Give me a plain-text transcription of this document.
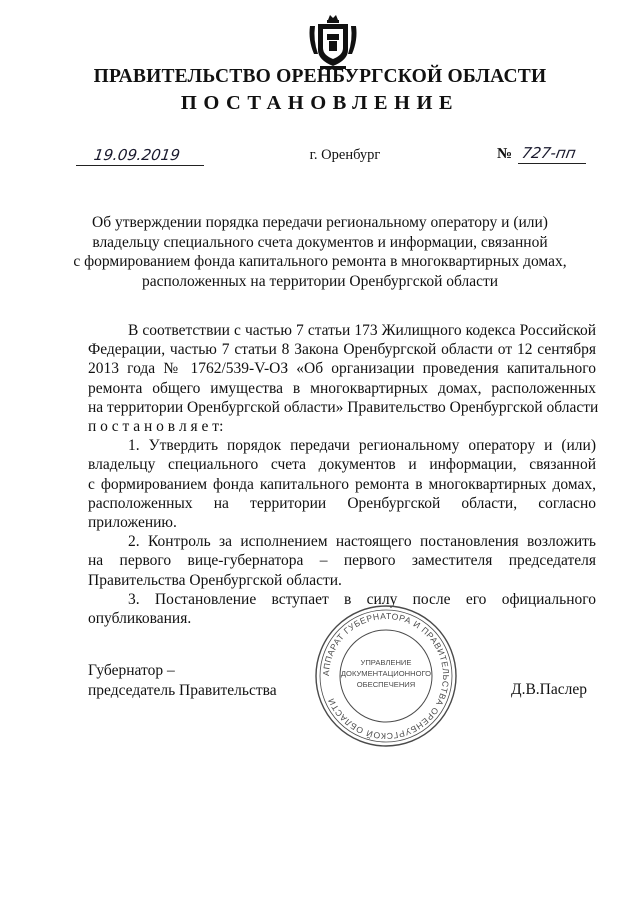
ПРАВИТЕЛЬСТВО ОРЕНБУРГСКОЙ ОБЛАСТИ
ПОСТАНОВЛЕНИЕ
19.09.2019	г. Оренбург	№ 727-пп
Об утверждении порядка передачи региональному оператору и (или)
владельцу специального счета документов и информации, связанной
с формированием фонда капитального ремонта в многоквартирных домах,
расположенных на территории Оренбургской области
В соответствии с частью 7 статьи 173 Жилищного кодекса Российской
Федерации, частью 7 статьи 8 Закона Оренбургской области от 12 сентября
2013 года № 1762/539-V-ОЗ «Об организации проведения капитального
ремонта общего имущества в многоквартирных домах, расположенных
на территории Оренбургской области» Правительство Оренбургской области
п о с т а н о в л я е т:
1. Утвердить порядок передачи региональному оператору и (или)
владельцу специального счета документов и информации, связанной
с формированием фонда капитального ремонта в многоквартирных домах,
расположенных на территории Оренбургской области, согласно
приложению.
2. Контроль за исполнением настоящего постановления возложить
на первого вице-губернатора – первого заместителя председателя
Правительства Оренбургской области.
3. Постановление вступает в силу после его официального
опубликования.
Губернатор –
председатель Правительства	Д.В.Паслер
АППАРАТ ГУБЕРНАТОРА И ПРАВИТЕЛЬСТВА ОРЕНБУРГСКОЙ ОБЛАСТИ
УПРАВЛЕНИЕ
ДОКУМЕНТАЦИОННОГО
ОБЕСПЕЧЕНИЯ
